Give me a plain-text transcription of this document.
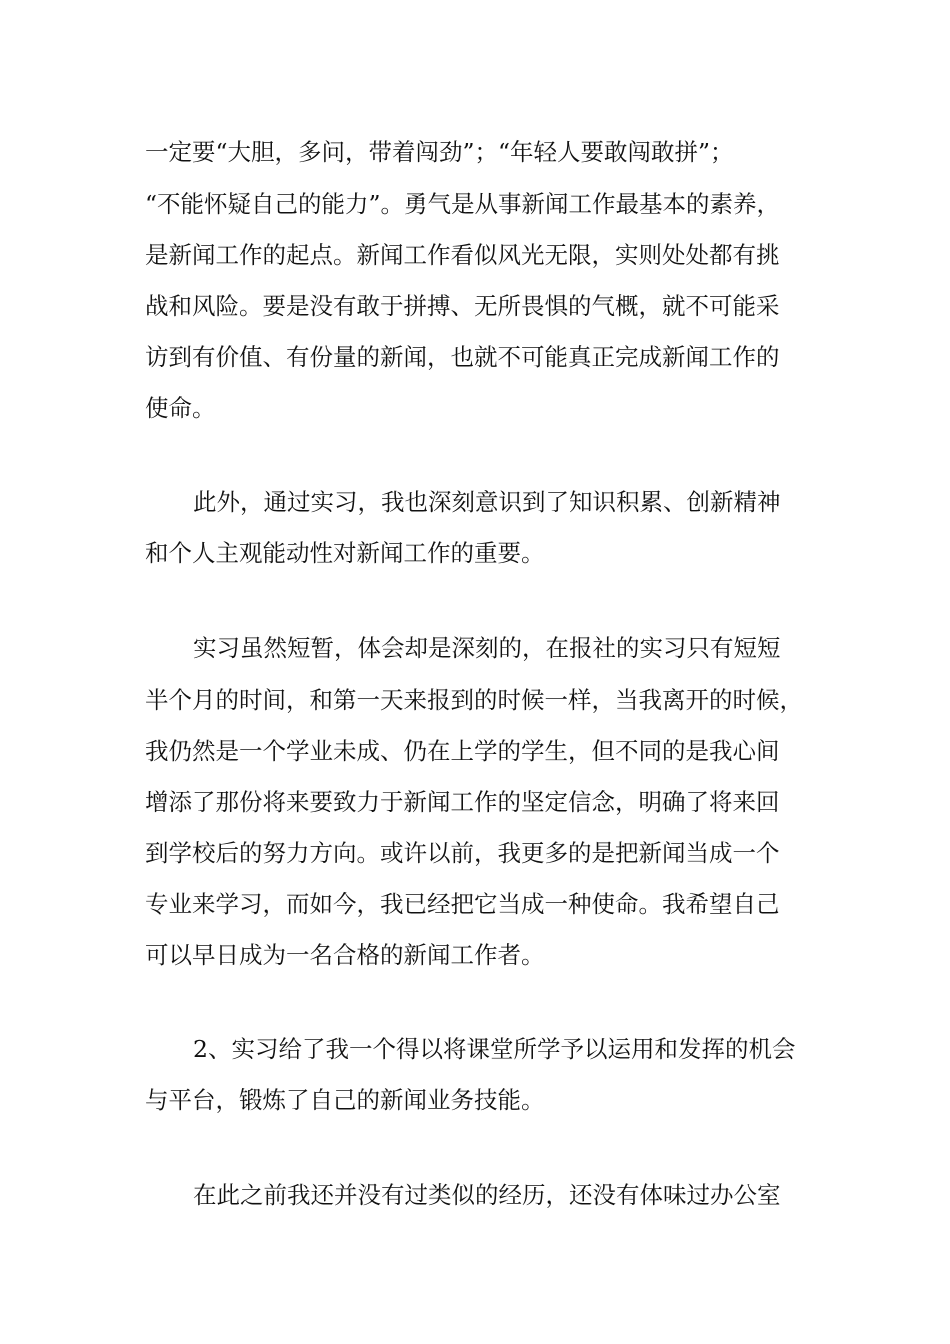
一定要“大胆，多问，带着闯劲”；“年轻人要敢闯敢拼”；

“不能怀疑自己的能力”。勇气是从事新闻工作最基本的素养，

是新闻工作的起点。新闻工作看似风光无限，实则处处都有挑

战和风险。要是没有敢于拼搏、无所畏惧的气概，就不可能采

访到有价值、有份量的新闻，也就不可能真正完成新闻工作的

使命。

此外，通过实习，我也深刻意识到了知识积累、创新精神

和个人主观能动性对新闻工作的重要。

实习虽然短暂，体会却是深刻的，在报社的实习只有短短

半个月的时间，和第一天来报到的时候一样，当我离开的时候，

我仍然是一个学业未成、仍在上学的学生，但不同的是我心间

增添了那份将来要致力于新闻工作的坚定信念，明确了将来回

到学校后的努力方向。或许以前，我更多的是把新闻当成一个

专业来学习，而如今，我已经把它当成一种使命。我希望自己

可以早日成为一名合格的新闻工作者。

2、实习给了我一个得以将课堂所学予以运用和发挥的机会

与平台，锻炼了自己的新闻业务技能。

在此之前我还并没有过类似的经历，还没有体味过办公室
